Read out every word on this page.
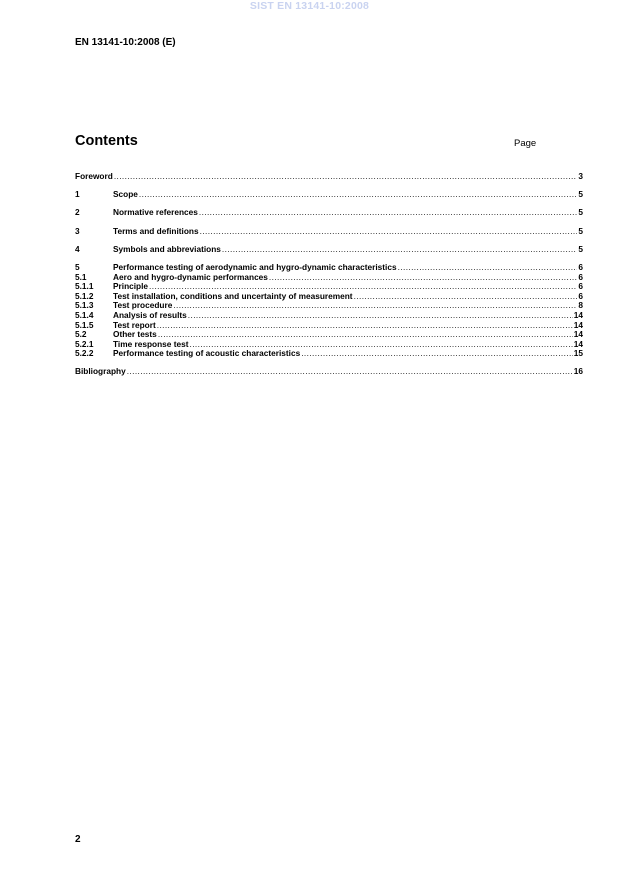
SIST EN 13141-10:2008
EN 13141-10:2008 (E)
Contents	Page
Foreword .....	3
1	Scope .....	5
2	Normative references .....	5
3	Terms and definitions .....	5
4	Symbols and abbreviations .....	5
5	Performance testing of aerodynamic and hygro-dynamic characteristics .....	6
5.1	Aero and hygro-dynamic performances .....	6
5.1.1	Principle .....	6
5.1.2	Test installation, conditions and uncertainty of measurement .....	6
5.1.3	Test procedure .....	8
5.1.4	Analysis of results .....	14
5.1.5	Test report .....	14
5.2	Other tests .....	14
5.2.1	Time response test .....	14
5.2.2	Performance testing of acoustic characteristics .....	15
Bibliography .....	16
2
